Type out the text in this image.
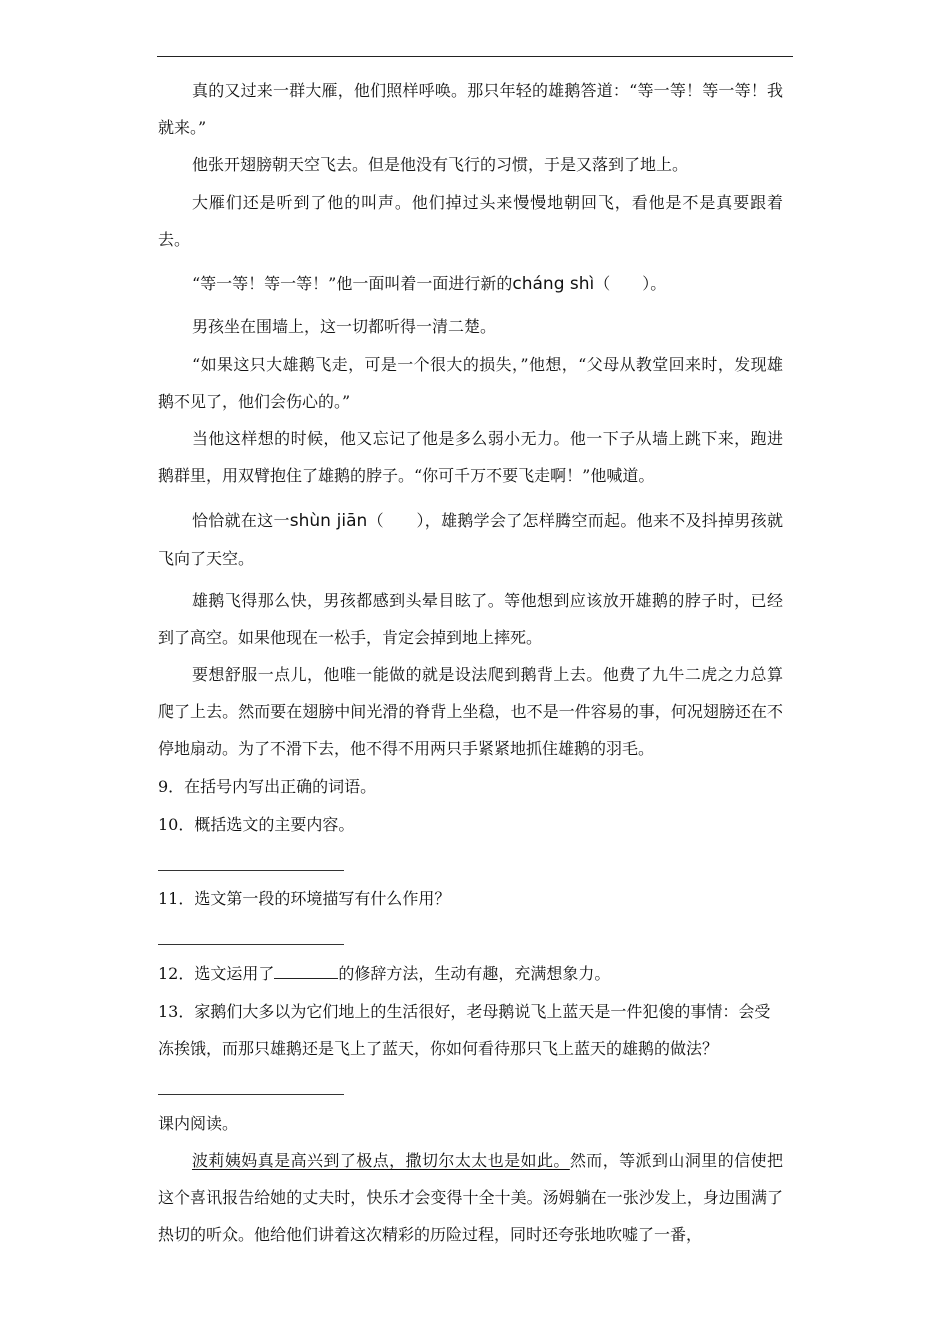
真的又过来一群大雁，他们照样呼唤。那只年轻的雄鹅答道：“等一等！等一等！我就来。”

他张开翅膀朝天空飞去。但是他没有飞行的习惯，于是又落到了地上。

大雁们还是听到了他的叫声。他们掉过头来慢慢地朝回飞，看他是不是真要跟着去。

“等一等！等一等！”他一面叫着一面进行新的cháng shì（　　）。

男孩坐在围墙上，这一切都听得一清二楚。

“如果这只大雄鹅飞走，可是一个很大的损失，”他想，“父母从教堂回来时，发现雄鹅不见了，他们会伤心的。”

当他这样想的时候，他又忘记了他是多么弱小无力。他一下子从墙上跳下来，跑进鹅群里，用双臂抱住了雄鹅的脖子。“你可千万不要飞走啊！”他喊道。

恰恰就在这一shùn jiān（　　），雄鹅学会了怎样腾空而起。他来不及抖掉男孩就飞向了天空。

雄鹅飞得那么快，男孩都感到头晕目眩了。等他想到应该放开雄鹅的脖子时，已经到了高空。如果他现在一松手，肯定会掉到地上摔死。

要想舒服一点儿，他唯一能做的就是设法爬到鹅背上去。他费了九牛二虎之力总算爬了上去。然而要在翅膀中间光滑的脊背上坐稳，也不是一件容易的事，何况翅膀还在不停地扇动。为了不滑下去，他不得不用两只手紧紧地抓住雄鹅的羽毛。

9．在括号内写出正确的词语。

10．概括选文的主要内容。

11．选文第一段的环境描写有什么作用？

12．选文运用了	的修辞方法，生动有趣，充满想象力。

13．家鹅们大多以为它们地上的生活很好，老母鹅说飞上蓝天是一件犯傻的事情：会受冻挨饿，而那只雄鹅还是飞上了蓝天，你如何看待那只飞上蓝天的雄鹅的做法？

课内阅读。

波莉姨妈真是高兴到了极点，撒切尔太太也是如此。然而，等派到山洞里的信使把这个喜讯报告给她的丈夫时，快乐才会变得十全十美。汤姆躺在一张沙发上，身边围满了热切的听众。他给他们讲着这次精彩的历险过程，同时还夸张地吹嘘了一番，
